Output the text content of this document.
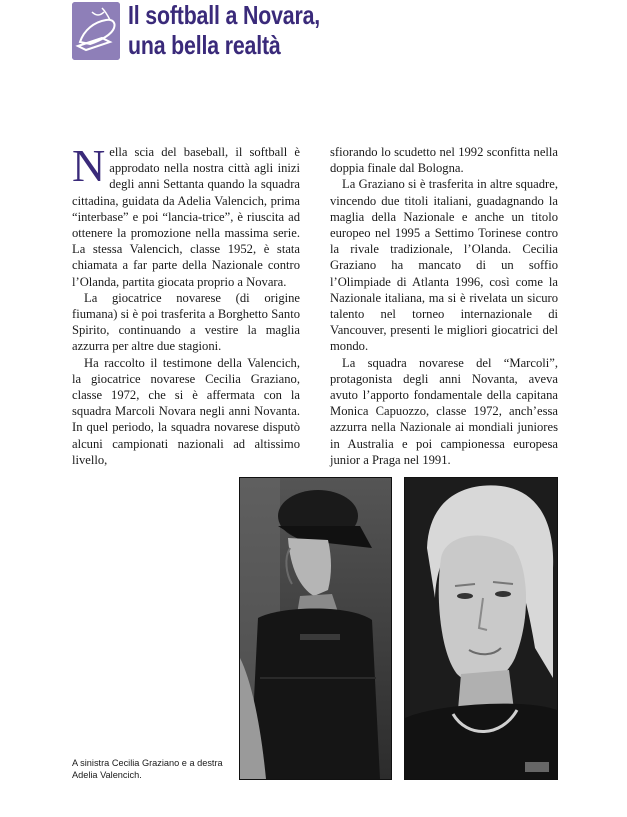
Il softball a Novara,
una bella realtà

Nella scia del baseball, il softball è approdato nella nostra città agli inizi degli anni Settanta quando la squadra cittadina, guidata da Adelia Valencich, prima “interbase” e poi “lancia-trice”, è riuscita ad ottenere la promozione nella massima serie. La stessa Valencich, classe 1952, è stata chiamata a far parte della Nazionale contro l’Olanda, partita giocata proprio a Novara.

La giocatrice novarese (di origine fiumana) si è poi trasferita a Borghetto Santo Spirito, continuando a vestire la maglia azzurra per altre due stagioni.

Ha raccolto il testimone della Valencich, la giocatrice novarese Cecilia Graziano, classe 1972, che si è affermata con la squadra Marcoli Novara negli anni Novanta. In quel periodo, la squadra novarese disputò alcuni campionati nazionali ad altissimo livello,

sfiorando lo scudetto nel 1992 sconfitta nella doppia finale dal Bologna.

La Graziano si è trasferita in altre squadre, vincendo due titoli italiani, guadagnando la maglia della Nazionale e anche un titolo europeo nel 1995 a Settimo Torinese contro la rivale tradizionale, l’Olanda. Cecilia Graziano ha mancato di un soffio l’Olimpiade di Atlanta 1996, così come la Nazionale italiana, ma si è rivelata un sicuro talento nel torneo internazionale di Vancouver, presenti le migliori giocatrici del mondo.

La squadra novarese del “Marcoli”, protagonista degli anni Novanta, aveva avuto l’apporto fondamentale della capitana Monica Capuozzo, classe 1972, anch’essa azzurra nella Nazionale ai mondiali juniores in Australia e poi campionessa europesa junior a Praga nel 1991.

A sinistra Cecilia Graziano e a destra Adelia Valencich.
